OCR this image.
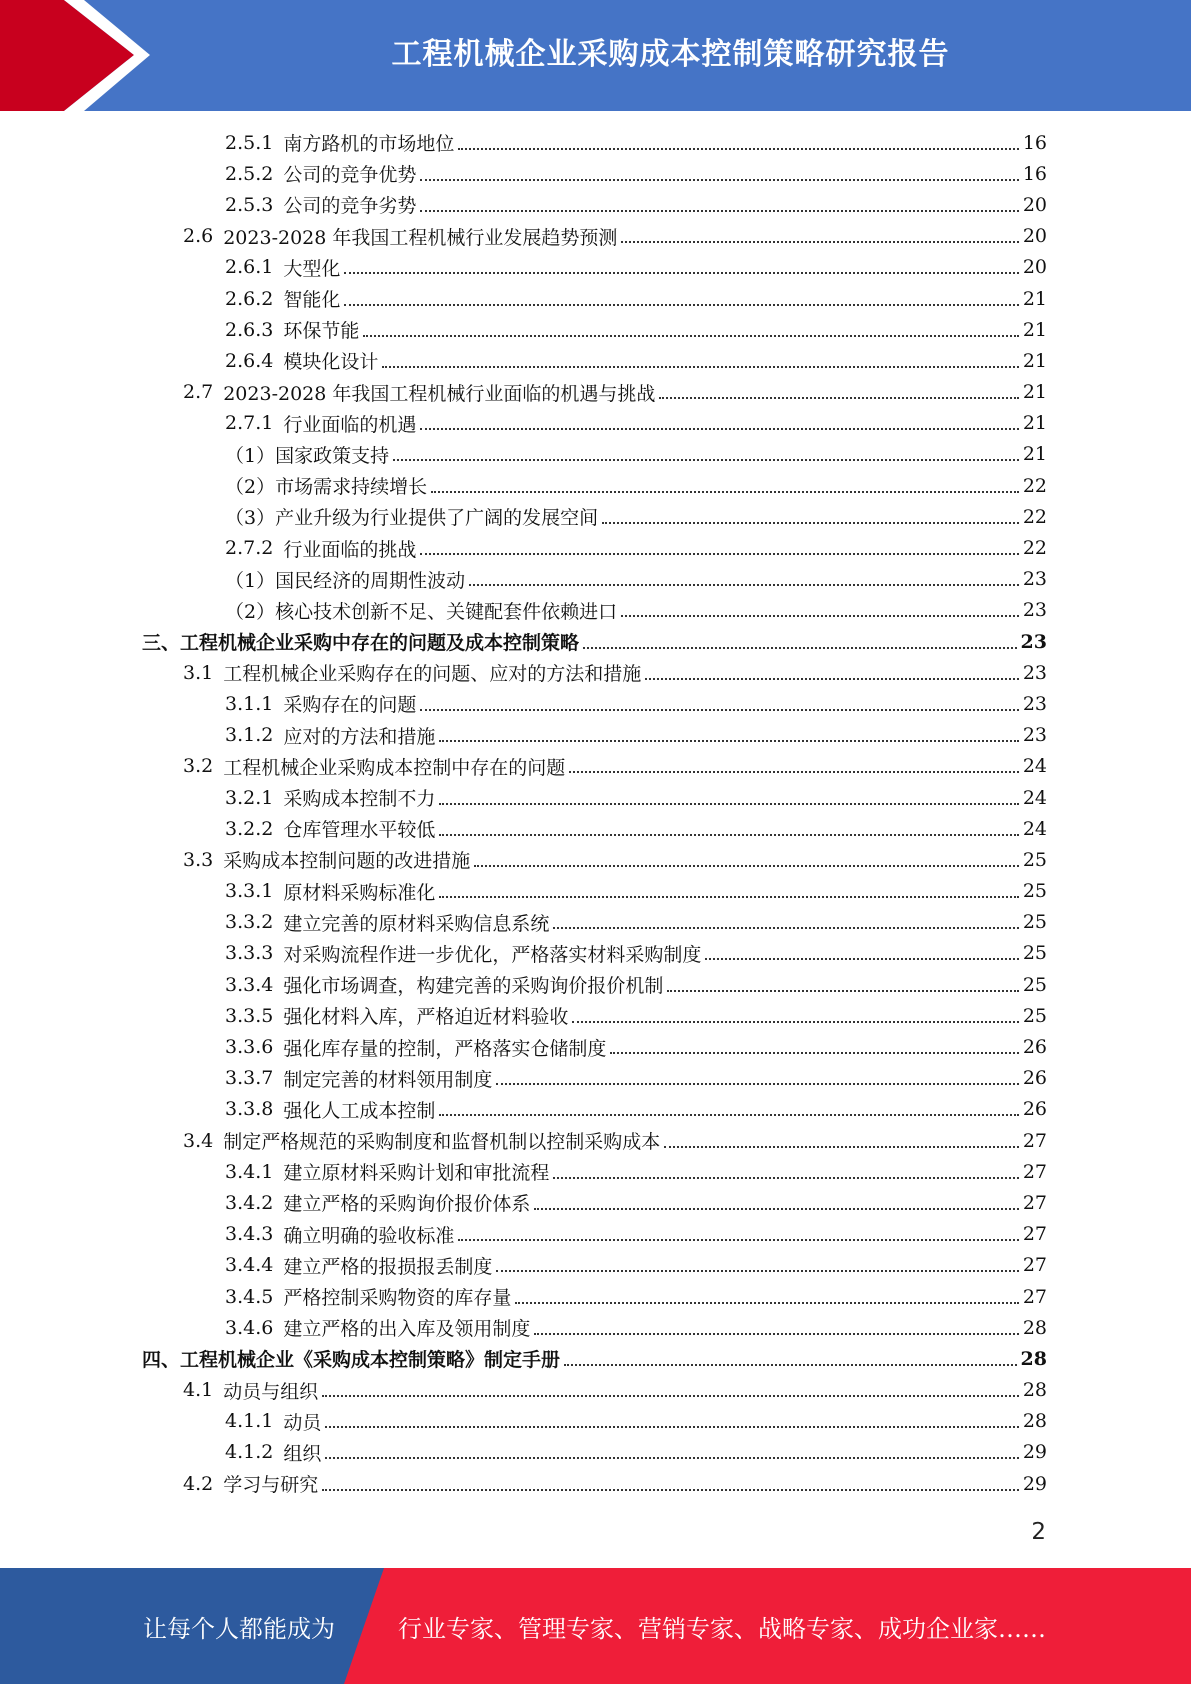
工程机械企业采购成本控制策略研究报告
2.5.1 南方路机的市场地位	16
2.5.2 公司的竞争优势	16
2.5.3 公司的竞争劣势	20
2.6 2023-2028 年我国工程机械行业发展趋势预测	20
2.6.1 大型化	20
2.6.2 智能化	21
2.6.3 环保节能	21
2.6.4 模块化设计	21
2.7 2023-2028 年我国工程机械行业面临的机遇与挑战	21
2.7.1 行业面临的机遇	21
（1） 国家政策支持	21
（2） 市场需求持续增长	22
（3） 产业升级为行业提供了广阔的发展空间	22
2.7.2 行业面临的挑战	22
（1） 国民经济的周期性波动	23
（2） 核心技术创新不足、关键配套件依赖进口	23
三、 工程机械企业采购中存在的问题及成本控制策略	23
3.1 工程机械企业采购存在的问题、应对的方法和措施	23
3.1.1 采购存在的问题	23
3.1.2 应对的方法和措施	23
3.2 工程机械企业采购成本控制中存在的问题	24
3.2.1 采购成本控制不力	24
3.2.2 仓库管理水平较低	24
3.3 采购成本控制问题的改进措施	25
3.3.1 原材料采购标准化	25
3.3.2 建立完善的原材料采购信息系统	25
3.3.3 对采购流程作进一步优化，严格落实材料采购制度	25
3.3.4 强化市场调查，构建完善的采购询价报价机制	25
3.3.5 强化材料入库，严格迫近材料验收	25
3.3.6 强化库存量的控制，严格落实仓储制度	26
3.3.7 制定完善的材料领用制度	26
3.3.8 强化人工成本控制	26
3.4 制定严格规范的采购制度和监督机制以控制采购成本	27
3.4.1 建立原材料采购计划和审批流程	27
3.4.2 建立严格的采购询价报价体系	27
3.4.3 确立明确的验收标准	27
3.4.4 建立严格的报损报丢制度	27
3.4.5 严格控制采购物资的库存量	27
3.4.6 建立严格的出入库及领用制度	28
四、 工程机械企业《采购成本控制策略》制定手册	28
4.1 动员与组织	28
4.1.1 动员	28
4.1.2 组织	29
4.2 学习与研究	29
2
让每个人都能成为	行业专家、管理专家、营销专家、战略专家、成功企业家……
